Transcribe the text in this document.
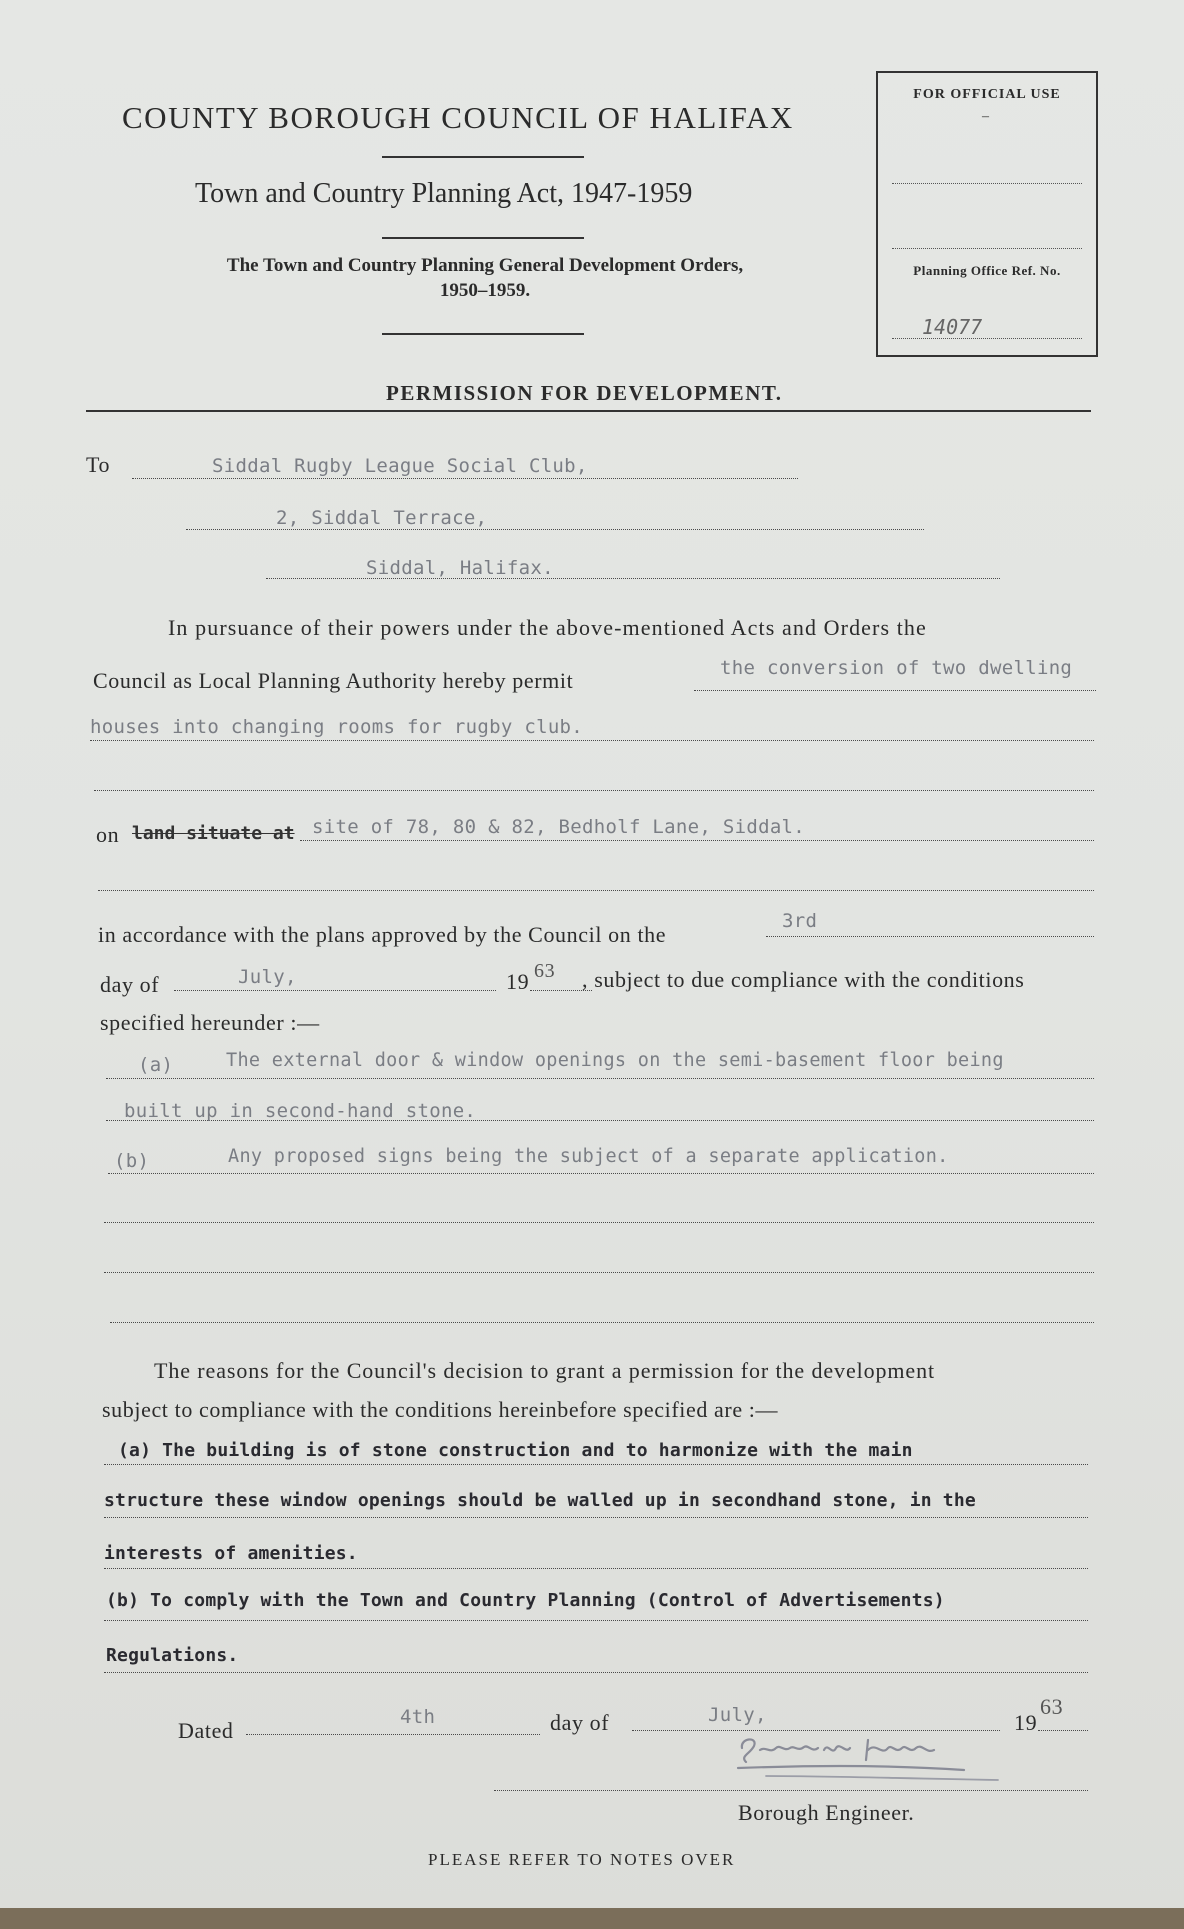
COUNTY BOROUGH COUNCIL OF HALIFAX
Town and Country Planning Act, 1947-1959
The Town and Country Planning General Development Orders,
1950–1959.
PERMISSION FOR DEVELOPMENT.
FOR OFFICIAL USE
–
Planning Office Ref. No.
14077
To	Siddal Rugby League Social Club,
2, Siddal Terrace,
Siddal, Halifax.
In pursuance of their powers under the above-mentioned Acts and Orders the
Council as Local Planning Authority hereby permit	the conversion of two dwelling
houses into changing rooms for rugby club.
on land situate at site of 78, 80 & 82, Bedholf Lane, Siddal.
in accordance with the plans approved by the Council on the
3rd
day of	July,	19 63 , subject to due compliance with the conditions
specified hereunder :—
(a)	The external door & window openings on the semi-basement floor being
built up in second-hand stone.
(b)	Any proposed signs being the subject of a separate application.
The reasons for the Council's decision to grant a permission for the development
subject to compliance with the conditions hereinbefore specified are :—
(a) The building is of stone construction and to harmonize with the main
structure these window openings should be walled up in secondhand stone, in the
interests of amenities.
(b) To comply with the Town and Country Planning (Control of Advertisements)
Regulations.
Dated
4th	day of	July,	19
63
Borough Engineer.
PLEASE REFER TO NOTES OVER
